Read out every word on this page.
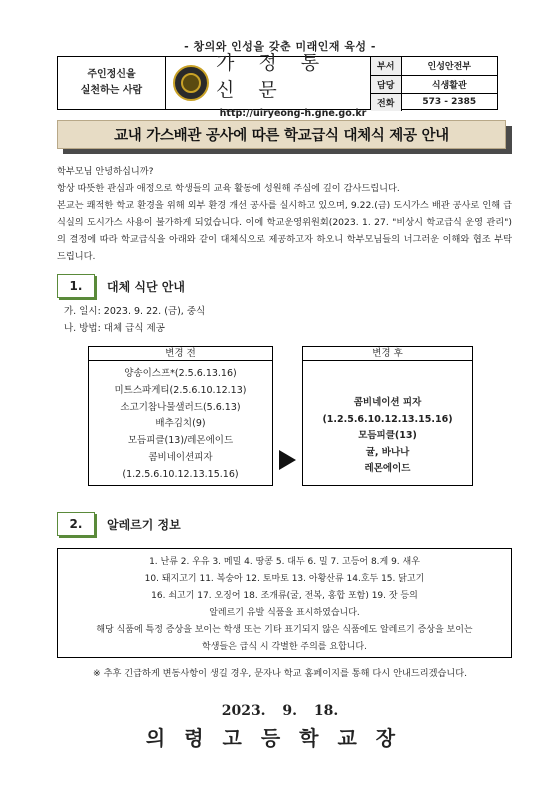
- 창의와 인성을 갖춘 미래인재 육성 -
주인정신을
실천하는 사람
가 정 통 신 문
http://uiryeong-h.gne.go.kr
부서	인성안전부
담당	식생활관
전화	573 - 2385
교내 가스배관 공사에 따른 학교급식 대체식 제공 안내
학부모님 안녕하십니까?

항상 따뜻한 관심과 애정으로 학생들의 교육 활동에 성원해 주심에 깊이 감사드립니다.

본교는 쾌적한 학교 환경을 위해 외부 환경 개선 공사를 실시하고 있으며, 9.22.(금) 도시가스 배관 공사로 인해 급식실의 도시가스 사용이 불가하게 되었습니다. 이에 학교운영위원회(2023. 1. 27. "비상시 학교급식 운영 관리")의 결정에 따라 학교급식을 아래와 같이 대체식으로 제공하고자 하오니 학부모님들의 너그러운 이해와 협조 부탁드립니다.

1.	대체 식단 안내
가. 일시: 2023. 9. 22. (금), 중식
나. 방법: 대체 급식 제공
변경 전
양송이스프*(2.5.6.13.16)
미트스파게티(2.5.6.10.12.13)
소고기참나물샐러드(5.6.13)
배추김치(9)
모듬피클(13)/레몬에이드
콤비네이션피자
(1.2.5.6.10.12.13.15.16)
변경 후
콤비네이션 피자
(1.2.5.6.10.12.13.15.16)
모듬피클(13)
귤, 바나나
레몬에이드
2.	알레르기 정보
1. 난류 2. 우유 3. 메밀 4. 땅콩 5. 대두 6. 밀 7. 고등어 8.게 9. 새우
10. 돼지고기 11. 복숭아 12. 토마토 13. 아황산류 14.호두 15. 닭고기
16. 쇠고기 17. 오징어 18. 조개류(굴, 전복, 홍합 포함) 19. 잣 등의
알레르기 유발 식품을 표시하였습니다.
해당 식품에 특정 증상을 보이는 학생 또는 기타 표기되지 않은 식품에도 알레르기 증상을 보이는
학생들은 급식 시 각별한 주의를 요합니다.
※ 추후 긴급하게 변동사항이 생길 경우, 문자나 학교 홈페이지를 통해 다시 안내드리겠습니다.
2023. 9. 18.
의령고등학교장
